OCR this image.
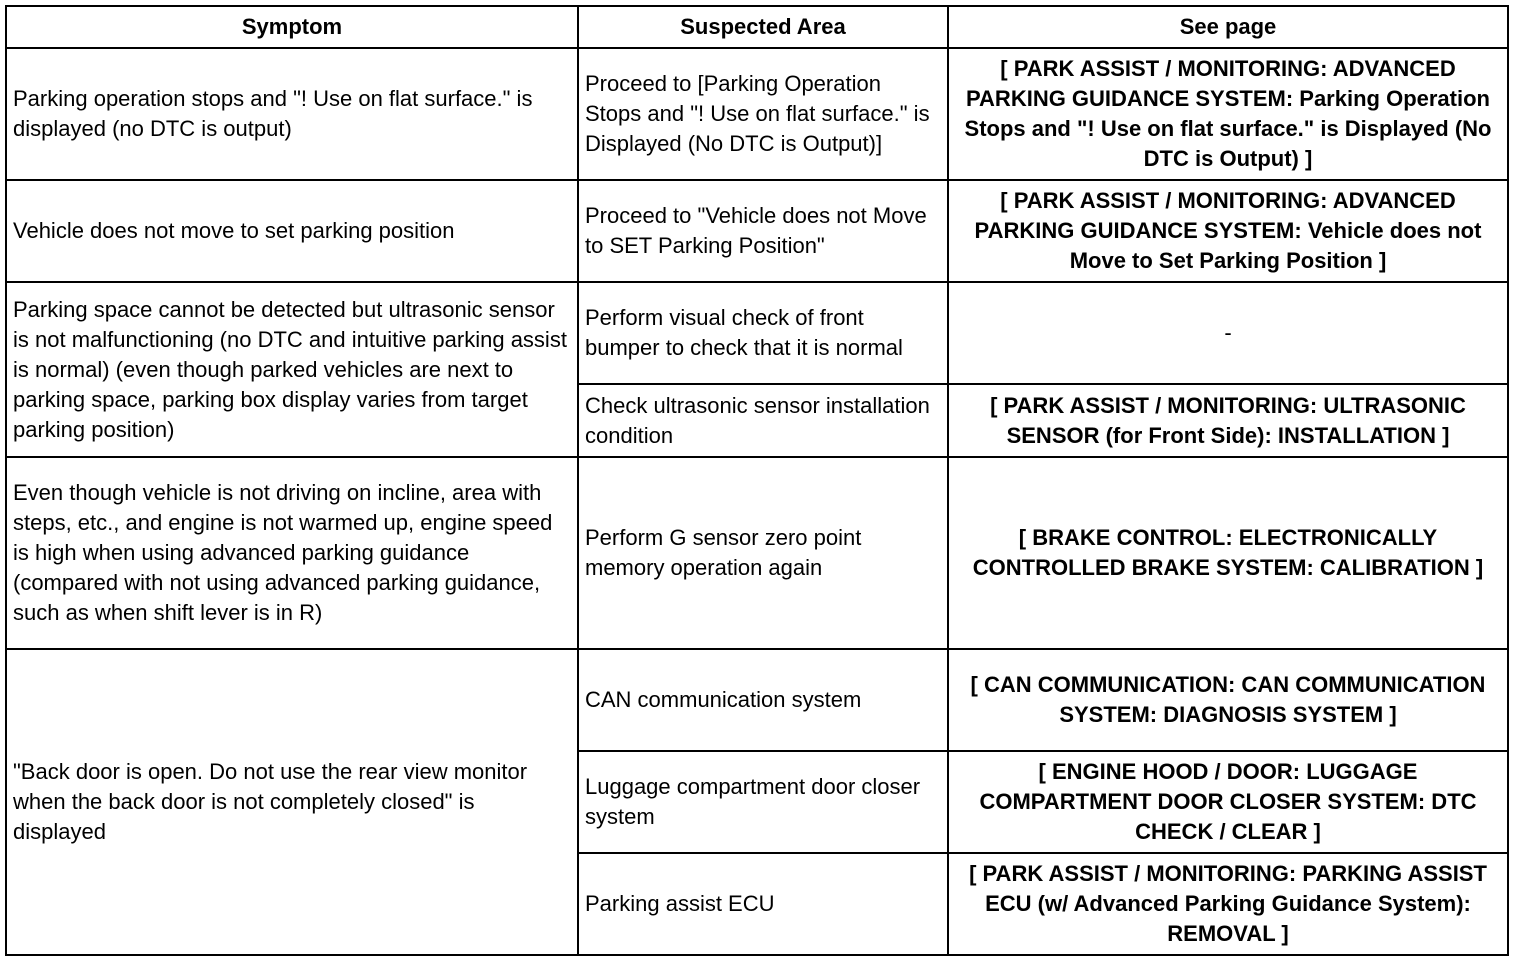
Symptom	Suspected Area	See page
Parking operation stops and "! Use on flat surface." is displayed (no DTC is output)	Proceed to [Parking Operation Stops and "! Use on flat surface." is Displayed (No DTC is Output)]	[ PARK ASSIST / MONITORING: ADVANCED PARKING GUIDANCE SYSTEM: Parking Operation Stops and "! Use on flat surface." is Displayed (No DTC is Output) ]
Vehicle does not move to set parking position	Proceed to "Vehicle does not Move to SET Parking Position"	[ PARK ASSIST / MONITORING: ADVANCED PARKING GUIDANCE SYSTEM: Vehicle does not Move to Set Parking Position ]
Parking space cannot be detected but ultrasonic sensor is not malfunctioning (no DTC and intuitive parking assist is normal) (even though parked vehicles are next to parking space, parking box display varies from target parking position)	Perform visual check of front bumper to check that it is normal	-
	Check ultrasonic sensor installation condition	[ PARK ASSIST / MONITORING: ULTRASONIC SENSOR (for Front Side): INSTALLATION ]
Even though vehicle is not driving on incline, area with steps, etc., and engine is not warmed up, engine speed is high when using advanced parking guidance (compared with not using advanced parking guidance, such as when shift lever is in R)	Perform G sensor zero point memory operation again	[ BRAKE CONTROL: ELECTRONICALLY CONTROLLED BRAKE SYSTEM: CALIBRATION ]
"Back door is open. Do not use the rear view monitor when the back door is not completely closed" is displayed	CAN communication system	[ CAN COMMUNICATION: CAN COMMUNICATION SYSTEM: DIAGNOSIS SYSTEM ]
	Luggage compartment door closer system	[ ENGINE HOOD / DOOR: LUGGAGE COMPARTMENT DOOR CLOSER SYSTEM: DTC CHECK / CLEAR ]
	Parking assist ECU	[ PARK ASSIST / MONITORING: PARKING ASSIST ECU (w/ Advanced Parking Guidance System): REMOVAL ]
